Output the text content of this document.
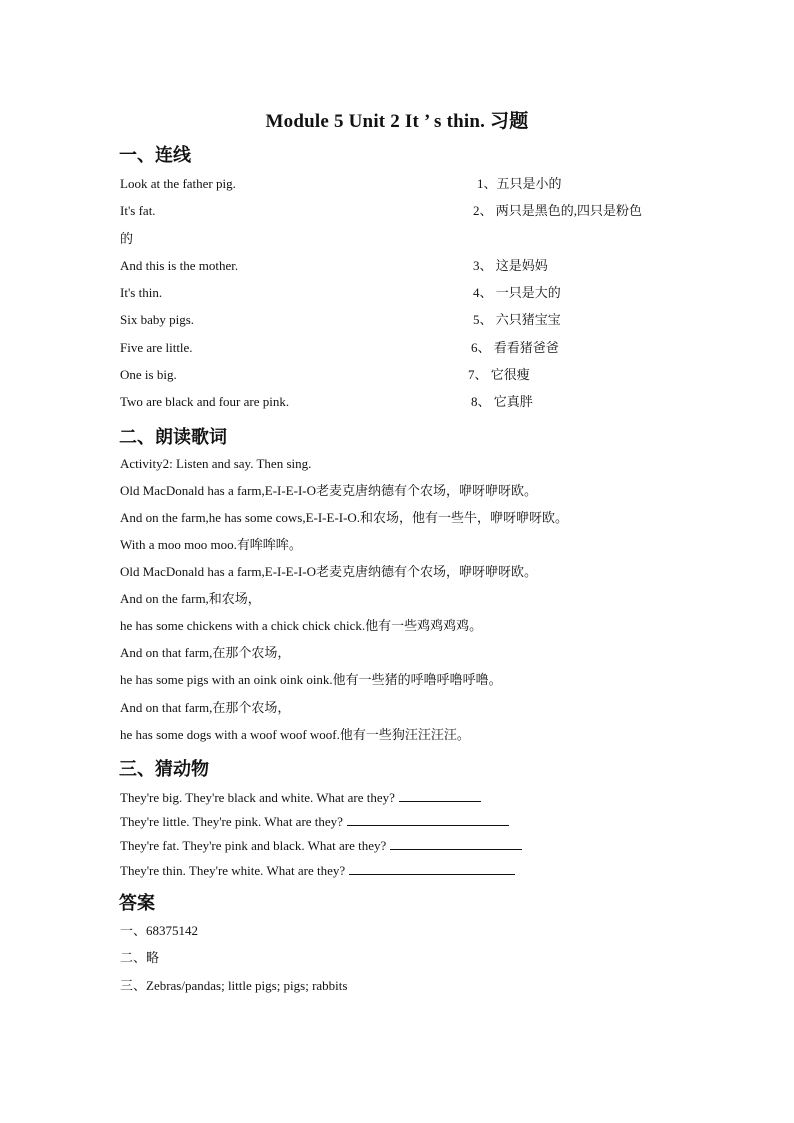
Module 5 Unit 2 It ’ s thin. 习题
一、连线
Look at the father pig.	1、五只是小的
It's fat.	2、 两只是黑色的,四只是粉色
的
And this is the mother.	3、 这是妈妈
It's thin.	4、 一只是大的
Six baby pigs.	5、 六只猪宝宝
Five are little.	6、 看看猪爸爸
One is big.	7、 它很瘦
Two are black and four are pink.	8、 它真胖
二、朗读歌词
Activity2: Listen and say. Then sing.
Old MacDonald has a farm,E-I-E-I-O老麦克唐纳德有个农场，咿呀咿呀欧。
And on the farm,he has some cows,E-I-E-I-O.和农场，他有一些牛，咿呀咿呀欧。
With a moo moo moo.有哞哞哞。
Old MacDonald has a farm,E-I-E-I-O老麦克唐纳德有个农场，咿呀咿呀欧。
And on the farm,和农场，
he has some chickens with a chick chick chick.他有一些鸡鸡鸡鸡。
And on that farm,在那个农场，
he has some pigs with an oink oink oink.他有一些猪的呼噜呼噜呼噜。
And on that farm,在那个农场，
he has some dogs with a woof woof woof.他有一些狗汪汪汪汪。
三、猜动物
They're big. They're black and white. What are they?
They're little. They're pink. What are they?
They're fat. They're pink and black. What are they?
They're thin. They're white. What are they?
答案
一、68375142
二、略
三、Zebras/pandas; little pigs; pigs; rabbits
